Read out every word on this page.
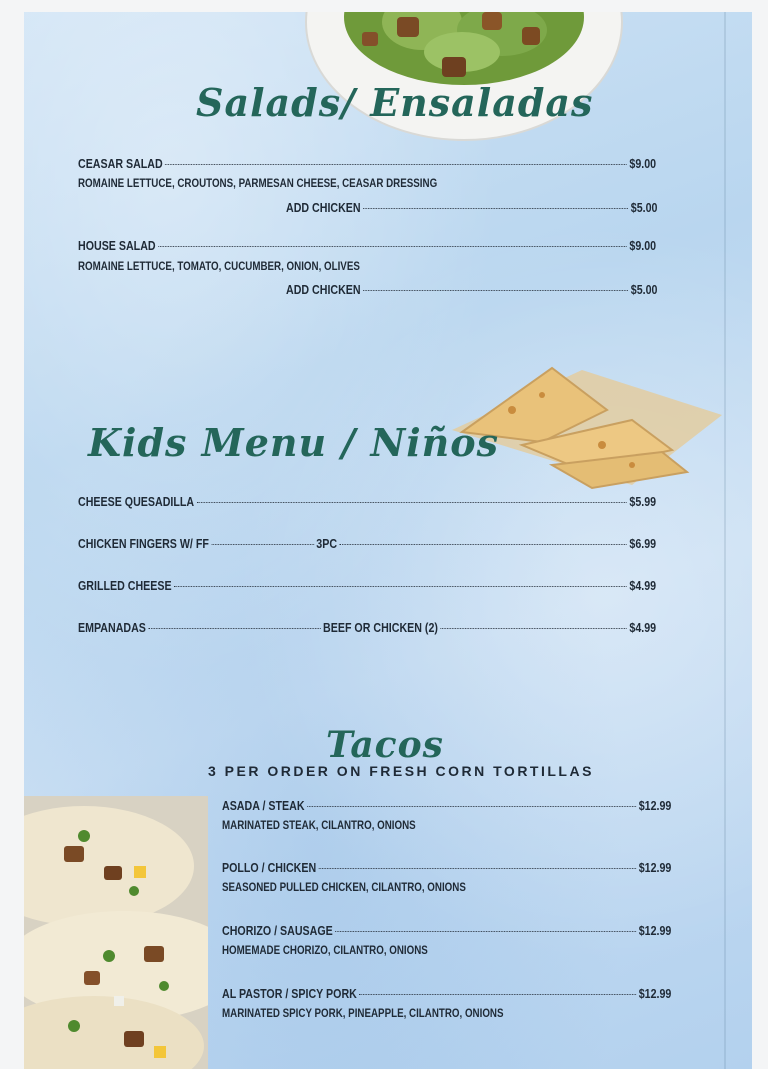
Salads/ Ensaladas
CEASAR SALAD	$9.00
ROMAINE LETTUCE, CROUTONS, PARMESAN CHEESE, CEASAR DRESSING
ADD CHICKEN	$5.00
HOUSE SALAD	$9.00
ROMAINE LETTUCE, TOMATO, CUCUMBER, ONION, OLIVES
ADD CHICKEN	$5.00
Kids Menu / Niños
CHEESE QUESADILLA	$5.99
CHICKEN FINGERS W/ FF	3PC	$6.99
GRILLED CHEESE	$4.99
EMPANADAS	BEEF OR CHICKEN (2)	$4.99
Tacos
3 PER ORDER ON FRESH CORN TORTILLAS
ASADA / STEAK	$12.99
MARINATED STEAK, CILANTRO, ONIONS
POLLO / CHICKEN	$12.99
SEASONED PULLED CHICKEN, CILANTRO, ONIONS
CHORIZO / SAUSAGE	$12.99
HOMEMADE CHORIZO, CILANTRO, ONIONS
AL PASTOR / SPICY PORK	$12.99
MARINATED SPICY PORK, PINEAPPLE, CILANTRO, ONIONS
